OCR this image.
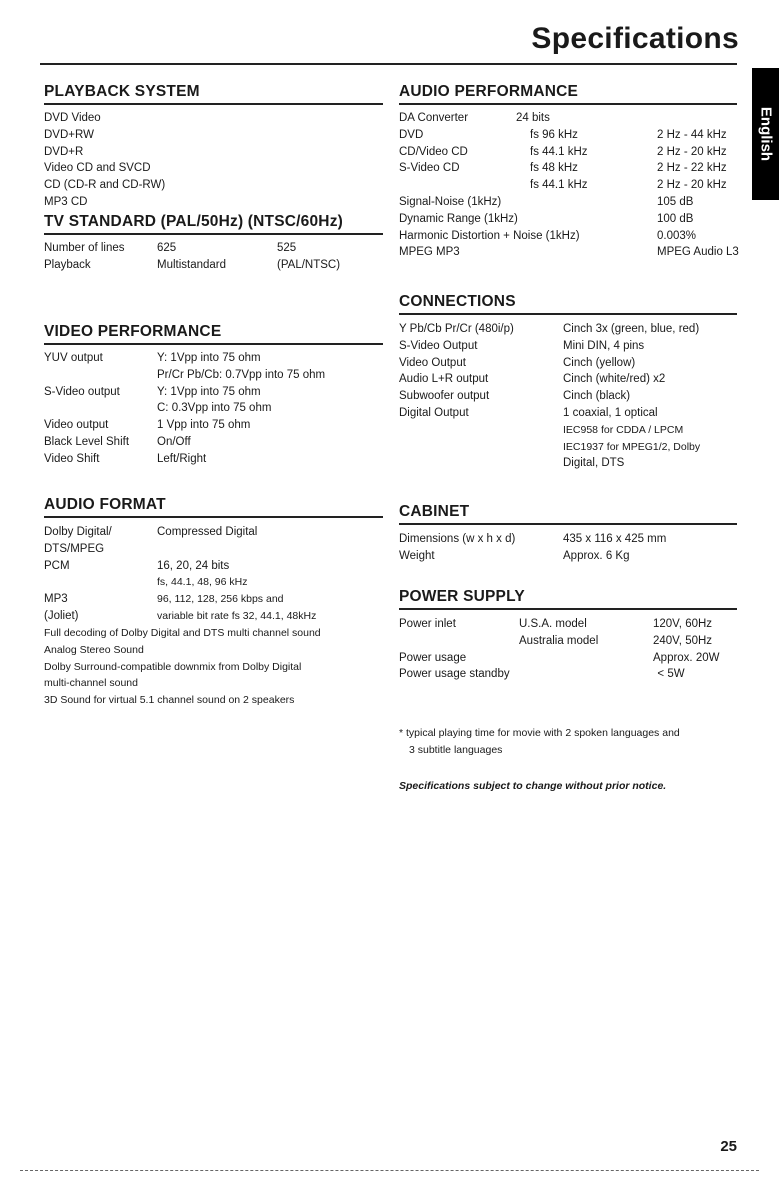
Specifications
English
PLAYBACK SYSTEM
DVD Video
DVD+RW
DVD+R
Video CD and SVCD
CD (CD-R and CD-RW)
MP3 CD
TV STANDARD (PAL/50Hz) (NTSC/60Hz)
Number of lines
Playback
625
Multistandard
525
(PAL/NTSC)
VIDEO PERFORMANCE
YUV output

S-Video output

Video output
Black Level Shift
Video Shift
Y: 1Vpp into 75 ohm
Pr/Cr Pb/Cb: 0.7Vpp into 75 ohm
Y: 1Vpp into 75 ohm
C: 0.3Vpp into 75 ohm
1 Vpp into 75 ohm
On/Off
Left/Right
AUDIO FORMAT
Dolby Digital/
DTS/MPEG
PCM

MP3
(Joliet)
Compressed Digital

16, 20, 24 bits
fs, 44.1, 48, 96 kHz
96, 112, 128, 256 kbps and
variable bit rate fs 32, 44.1, 48kHz
Full decoding of Dolby Digital and DTS multi channel sound
Analog Stereo Sound
Dolby Surround-compatible downmix from Dolby Digital
multi-channel sound
3D Sound for virtual 5.1 channel sound on 2 speakers
AUDIO PERFORMANCE
DA Converter
DVD
CD/Video CD
S-Video CD

Signal-Noise (1kHz)
Dynamic Range (1kHz)
Harmonic Distortion + Noise (1kHz)
MPEG MP3
24 bits
fs 96 kHz
fs 44.1 kHz
fs 48 kHz
fs 44.1 kHz

2 Hz - 44 kHz
2 Hz - 20 kHz
2 Hz - 22 kHz
2 Hz - 20 kHz
105 dB
100 dB
0.003%
MPEG Audio L3
CONNECTIONS
Y Pb/Cb Pr/Cr (480i/p)
S-Video Output
Video Output
Audio L+R output
Subwoofer output
Digital Output
Cinch 3x (green, blue, red)
Mini DIN, 4 pins
Cinch (yellow)
Cinch (white/red) x2
Cinch (black)
1 coaxial, 1 optical
IEC958 for CDDA / LPCM
IEC1937 for MPEG1/2, Dolby
Digital, DTS
CABINET
Dimensions (w x h x d)
Weight
435 x 116 x 425 mm
Approx. 6 Kg
POWER SUPPLY
Power inlet

Power usage
Power usage standby
U.S.A. model
Australia model
120V, 60Hz
240V, 50Hz
Approx. 20W
< 5W
* typical playing time for movie with 2 spoken languages and
3 subtitle languages
Specifications subject to change without prior notice.
25
